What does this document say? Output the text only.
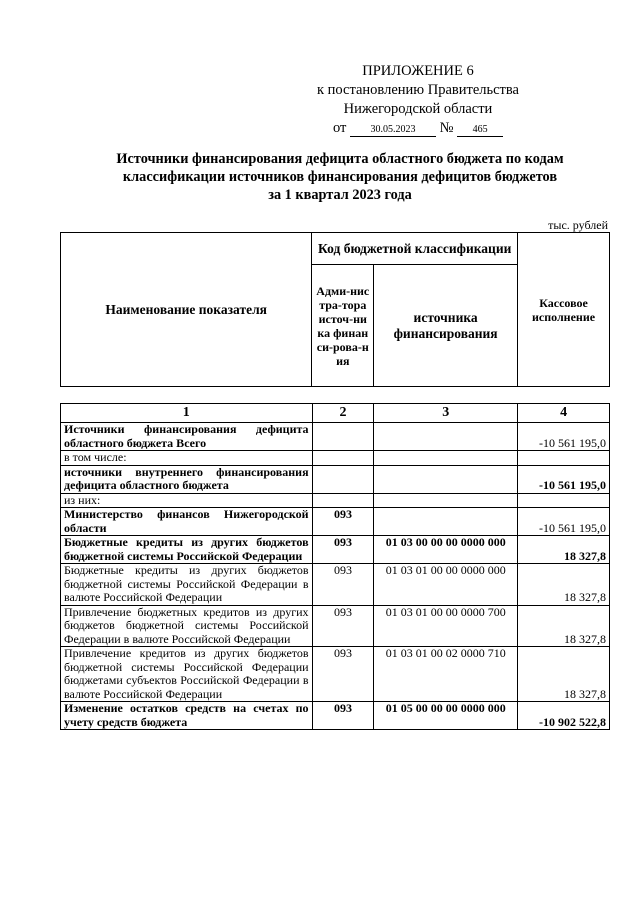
ПРИЛОЖЕНИЕ 6
к постановлению Правительства
Нижегородской области
от 30.05.2023 № 465
Источники финансирования дефицита областного бюджета по кодам
классификации источников финансирования дефицитов бюджетов
за 1 квартал 2023 года
тыс. рублей
Наименование показателя	Код бюджетной классификации		Кассовое исполнение
	Адми-нистра-тора источ-ника финанси-рова-ния	источника финансирования	
1	2	3	4
Источники финансирования дефицита областного бюджета Всего			-10 561 195,0
в том числе:			
источники внутреннего финансирования дефицита областного бюджета			-10 561 195,0
из них:			
Министерство финансов Нижегородской области	093		-10 561 195,0
Бюджетные кредиты из других бюджетов бюджетной системы Российской Федерации	093	01 03 00 00 00 0000 000	18 327,8
Бюджетные кредиты из других бюджетов бюджетной системы Российской Федерации в валюте Российской Федерации	093	01 03 01 00 00 0000 000	18 327,8
Привлечение бюджетных кредитов из других бюджетов бюджетной системы Российской Федерации в валюте Российской Федерации	093	01 03 01 00 00 0000 700	18 327,8
Привлечение кредитов из других бюджетов бюджетной системы Российской Федерации бюджетами субъектов Российской Федерации в валюте Российской Федерации	093	01 03 01 00 02 0000 710	18 327,8
Изменение остатков средств на счетах по учету средств бюджета	093	01 05 00 00 00 0000 000	-10 902 522,8
